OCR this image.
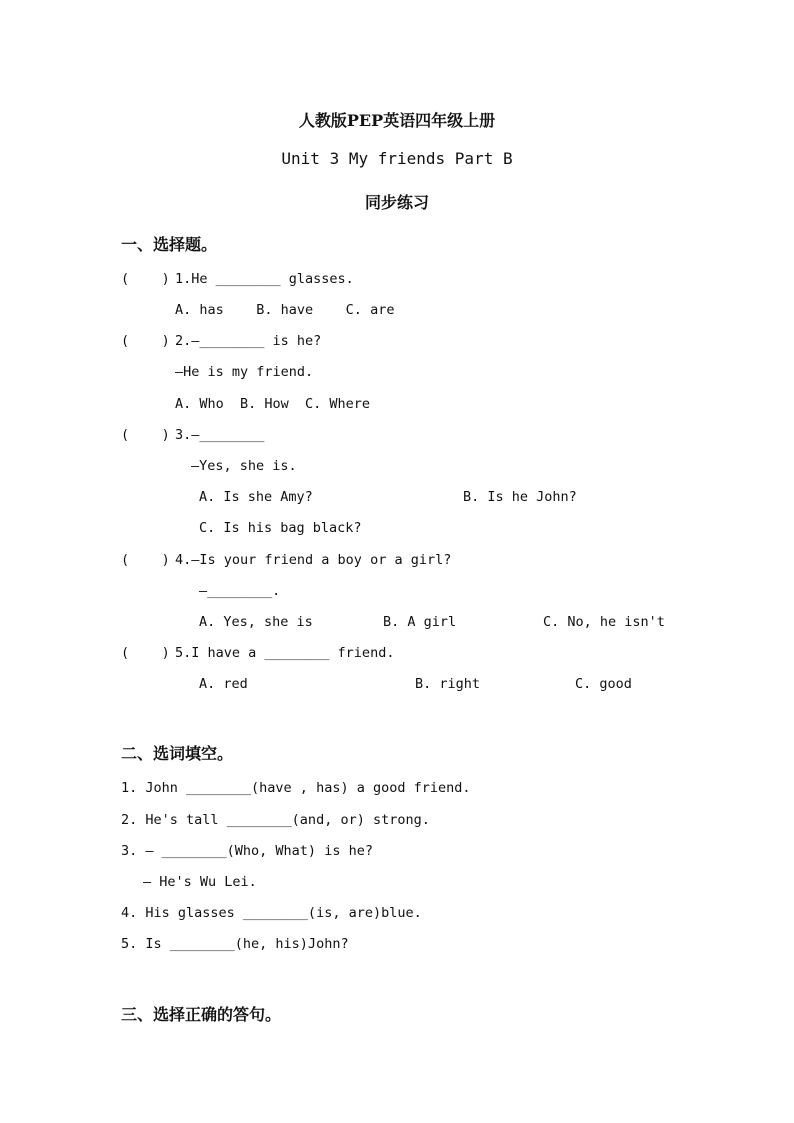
人教版PEP英语四年级上册
Unit 3 My friends Part B
同步练习
一、选择题。
(    ) 1.He ________ glasses.
A. has    B. have    C. are
(    ) 2.—________ is he?
—He is my friend.
A. Who  B. How  C. Where
(    ) 3.—________
—Yes, she is.
A. Is she Amy?	B. Is he John?
C. Is his bag black?
(    ) 4.—Is your friend a boy or a girl?
—________.
A. Yes, she is	B. A girl	C. No, he isn't
(    ) 5.I have a ________ friend.
A. red	B. right	C. good
二、选词填空。
1. John ________(have , has) a good friend.
2. He's tall ________(and, or) strong.
3. — ________(Who, What) is he?
— He's Wu Lei.
4. His glasses ________(is, are)blue.
5. Is ________(he, his)John?
三、选择正确的答句。
